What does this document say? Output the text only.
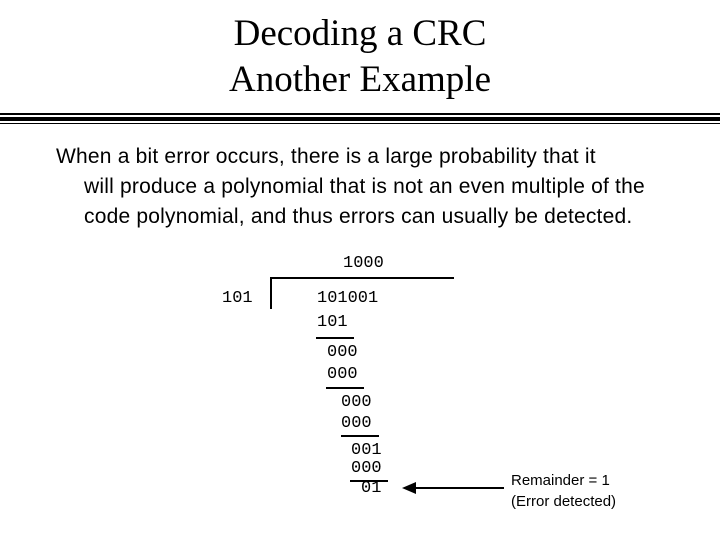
Decoding a CRC
Another Example
When a bit error occurs, there is a large probability that it
will produce a polynomial that is not an even multiple of the code polynomial, and thus errors can usually be detected.
1000
101	101001
101
000
000
000
000
001
000
01	Remainder = 1
(Error detected)
